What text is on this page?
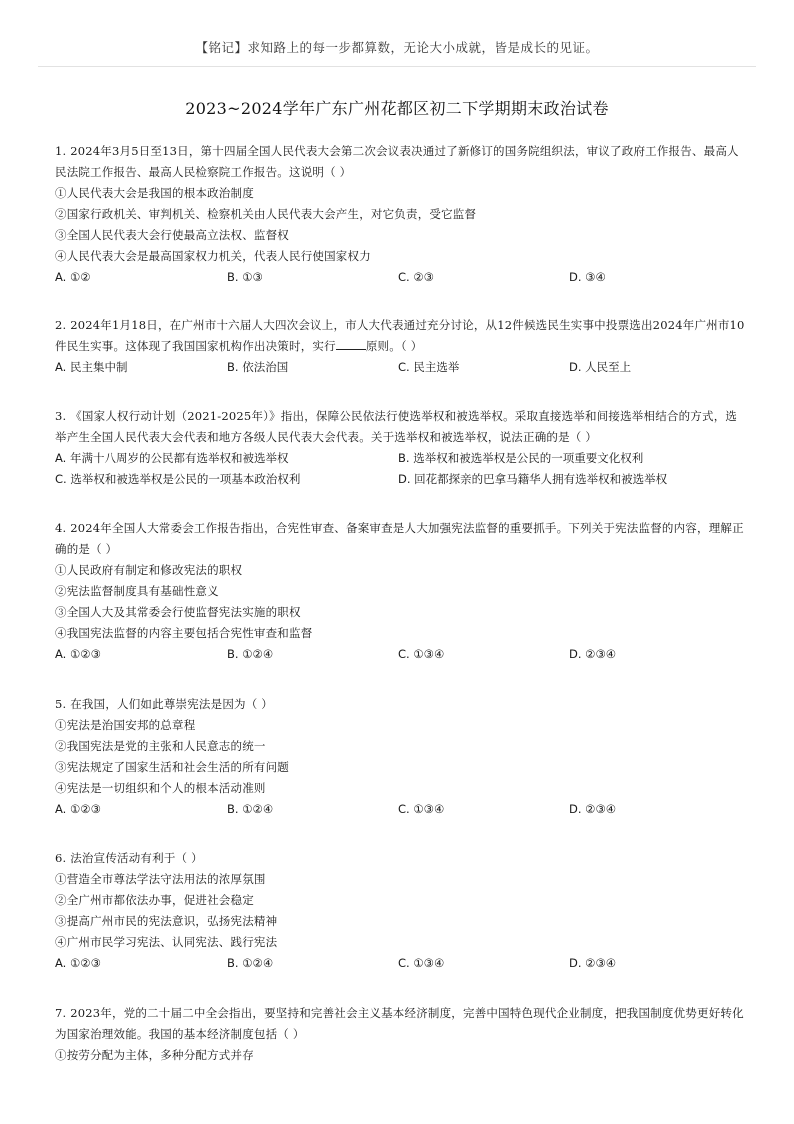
【铭记】求知路上的每一步都算数，无论大小成就，皆是成长的见证。
2023~2024学年广东广州花都区初二下学期期末政治试卷

1. 2024年3月5日至13日，第十四届全国人民代表大会第二次会议表决通过了新修订的国务院组织法，审议了政府工作报告、最高人民法院工作报告、最高人民检察院工作报告。这说明（ ）

①人民代表大会是我国的根本政治制度

②国家行政机关、审判机关、检察机关由人民代表大会产生，对它负责，受它监督

③全国人民代表大会行使最高立法权、监督权

④人民代表大会是最高国家权力机关，代表人民行使国家权力

A. ①②	B. ①③	C. ②③	D. ③④

2. 2024年1月18日，在广州市十六届人大四次会议上，市人大代表通过充分讨论，从12件候选民生实事中投票选出2024年广州市10件民生实事。这体现了我国国家机构作出决策时，实行	原则。（ ）

A. 民主集中制	B. 依法治国	C. 民主选举	D. 人民至上

3. 《国家人权行动计划（2021-2025年）》指出，保障公民依法行使选举权和被选举权。采取直接选举和间接选举相结合的方式，选举产生全国人民代表大会代表和地方各级人民代表大会代表。关于选举权和被选举权，说法正确的是（ ）

A. 年满十八周岁的公民都有选举权和被选举权	B. 选举权和被选举权是公民的一项重要文化权利
C. 选举权和被选举权是公民的一项基本政治权利	D. 回花都探亲的巴拿马籍华人拥有选举权和被选举权

4. 2024年全国人大常委会工作报告指出，合宪性审查、备案审查是人大加强宪法监督的重要抓手。下列关于宪法监督的内容，理解正确的是（ ）

①人民政府有制定和修改宪法的职权

②宪法监督制度具有基础性意义

③全国人大及其常委会行使监督宪法实施的职权

④我国宪法监督的内容主要包括合宪性审查和监督

A. ①②③	B. ①②④	C. ①③④	D. ②③④

5. 在我国，人们如此尊崇宪法是因为（ ）

①宪法是治国安邦的总章程

②我国宪法是党的主张和人民意志的统一

③宪法规定了国家生活和社会生活的所有问题

④宪法是一切组织和个人的根本活动准则

A. ①②③	B. ①②④	C. ①③④	D. ②③④

6. 法治宣传活动有利于（ ）

①营造全市尊法学法守法用法的浓厚氛围

②全广州市都依法办事，促进社会稳定

③提高广州市民的宪法意识，弘扬宪法精神

④广州市民学习宪法、认同宪法、践行宪法

A. ①②③	B. ①②④	C. ①③④	D. ②③④

7. 2023年，党的二十届二中全会指出，要坚持和完善社会主义基本经济制度，完善中国特色现代企业制度，把我国制度优势更好转化为国家治理效能。我国的基本经济制度包括（ ）

①按劳分配为主体，多种分配方式并存
